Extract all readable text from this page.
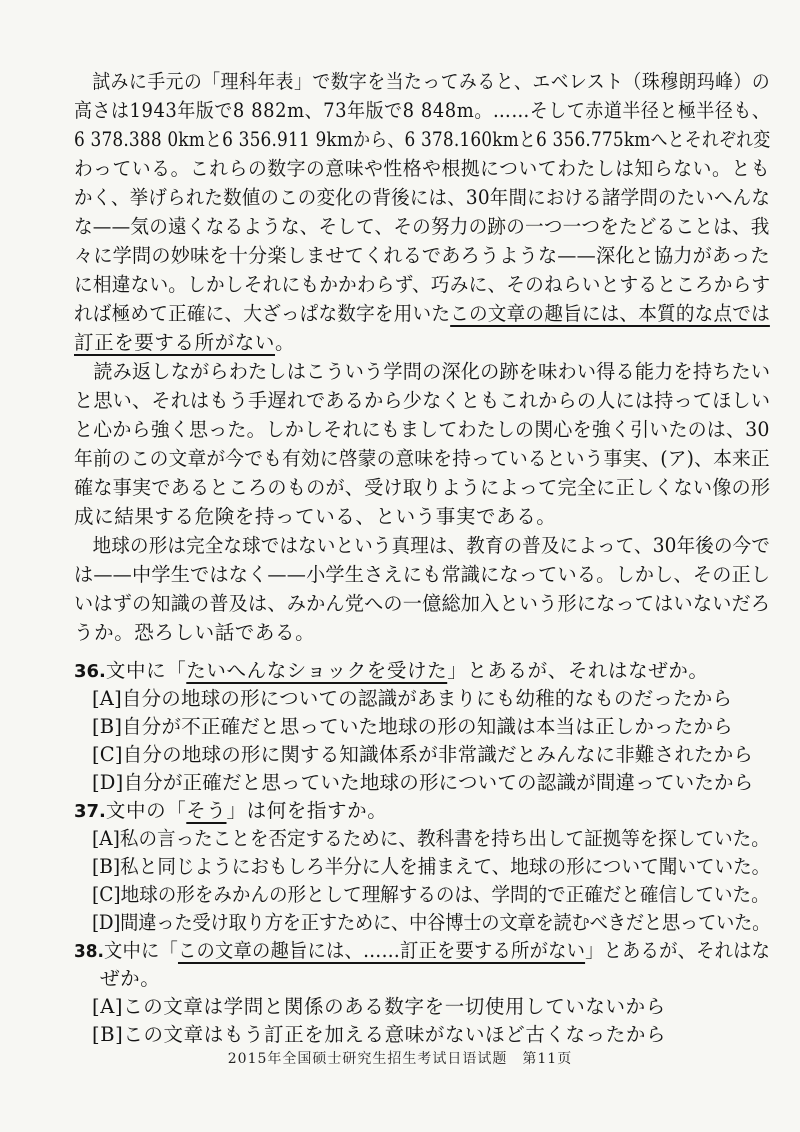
　試みに手元の「理科年表」で数字を当たってみると、エベレスト（珠穆朗玛峰）の
高さは1943年版で8 882m、73年版で8 848m。……そして赤道半径と極半径も、
6 378.388 0kmと6 356.911 9kmから、6 378.160kmと6 356.775kmへとそれぞれ変
わっている。これらの数字の意味や性格や根拠についてわたしは知らない。とも
かく、挙げられた数値のこの変化の背後には、30年間における諸学問のたいへんな
な——気の遠くなるような、そして、その努力の跡の一つ一つをたどることは、我
々に学問の妙味を十分楽しませてくれるであろうような——深化と協力があった
に相違ない。しかしそれにもかかわらず、巧みに、そのねらいとするところからす
れば極めて正確に、大ざっぱな数字を用いたこの文章の趣旨には、本質的な点では
訂正を要する所がない。
　読み返しながらわたしはこういう学問の深化の跡を味わい得る能力を持ちたい
と思い、それはもう手遅れであるから少なくともこれからの人には持ってほしい
と心から強く思った。しかしそれにもましてわたしの関心を強く引いたのは、30
年前のこの文章が今でも有効に啓蒙の意味を持っているという事実、(ア)、本来正
確な事実であるところのものが、受け取りようによって完全に正しくない像の形
成に結果する危険を持っている、という事実である。
　地球の形は完全な球ではないという真理は、教育の普及によって、30年後の今で
は——中学生ではなく——小学生さえにも常識になっている。しかし、その正し
いはずの知識の普及は、みかん党への一億総加入という形になってはいないだろ
うか。恐ろしい話である。
36.文中に「たいへんなショックを受けた」とあるが、それはなぜか。
[A]自分の地球の形についての認識があまりにも幼稚的なものだったから
[B]自分が不正確だと思っていた地球の形の知識は本当は正しかったから
[C]自分の地球の形に関する知識体系が非常識だとみんなに非難されたから
[D]自分が正確だと思っていた地球の形についての認識が間違っていたから
37.文中の「そう」は何を指すか。
[A]私の言ったことを否定するために、教科書を持ち出して証拠等を探していた。
[B]私と同じようにおもしろ半分に人を捕まえて、地球の形について聞いていた。
[C]地球の形をみかんの形として理解するのは、学問的で正確だと確信していた。
[D]間違った受け取り方を正すために、中谷博士の文章を読むべきだと思っていた。
38.文中に「この文章の趣旨には、……訂正を要する所がない」とあるが、それはな
ぜか。
[A]この文章は学問と関係のある数字を一切使用していないから
[B]この文章はもう訂正を加える意味がないほど古くなったから
2015年全国硕士研究生招生考试日语试题　第11页
